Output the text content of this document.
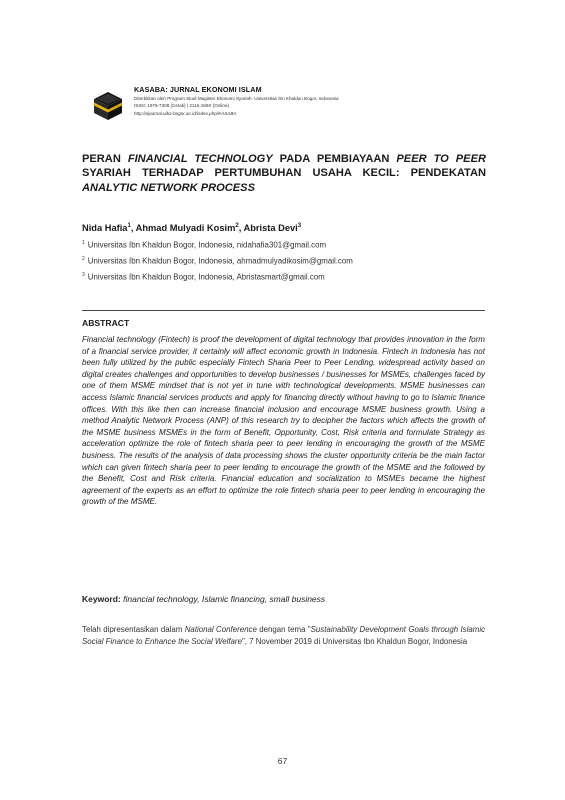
KASABA: JURNAL EKONOMI ISLAM
Diterbitkan oleh Program Studi Magister Ekonomi Syariah- Universitas Ibn Khaldun Bogor, Indonesia
ISSN: 1978-7308 (Cetak) | 2115-159X (Online)
http://ejournal.uika-bogor.ac.id/index.php/KASABA
PERAN FINANCIAL TECHNOLOGY PADA PEMBIAYAAN PEER TO PEER SYARIAH TERHADAP PERTUMBUHAN USAHA KECIL: PENDEKATAN ANALYTIC NETWORK PROCESS
Nida Hafia$^1$, Ahmad Mulyadi Kosim$^2$, Abrista Devi$^3$
$^1$ Universitas Ibn Khaldun Bogor, Indonesia, nidahafia301@gmail.com
$^2$ Universitas Ibn Khaldun Bogor, Indonesia, ahmadmulyadikosim@gmail.com
$^3$ Universitas Ibn Khaldun Bogor, Indonesia, Abristasmart@gmail.com
ABSTRACT
Financial technology (Fintech) is proof the development of digital technology that provides innovation in the form of a financial service provider, it certainly will affect economic growth in Indonesia. Fintech in Indonesia has not been fully utilized by the public especially Fintech Sharia Peer to Peer Lending. widespread activity based on digital creates challenges and opportunities to develop businesses / businesses for MSMEs, challenges faced by one of them MSME mindset that is not yet in tune with technological developments. MSME businesses can access Islamic financial services products and apply for financing directly without having to go to Islamic finance offices. With this like then can increase financial inclusion and encourage MSME business growth. Using a method Analytic Network Process (ANP) of this research try to decipher the factors which affects the growth of the MSME business MSMEs in the form of Benefit, Opportunity, Cost, Risk criteria and formulate Strategy as acceleration optimize the role of fintech sharia peer to peer lending in encouraging the growth of the MSME business. The results of the analysis of data processing shows the cluster opportunity criteria be the main factor which can given fintech sharia peer to peer lending to encourage the growth of the MSME and the followed by the Benefit, Cost and Risk criteria. Financial education and socialization to MSMEs became the highest agreement of the experts as an effort to optimize the role fintech sharia peer to peer lending in encouraging the growth of the MSME.
Keyword: financial technology, Islamic financing, small business
Telah dipresentasikan dalam National Conference dengan tema "Sustainability Development Goals through Islamic Social Finance to Enhance the Social Welfare", 7 November 2019 di Universitas Ibn Khaldun Bogor, Indonesia
67
